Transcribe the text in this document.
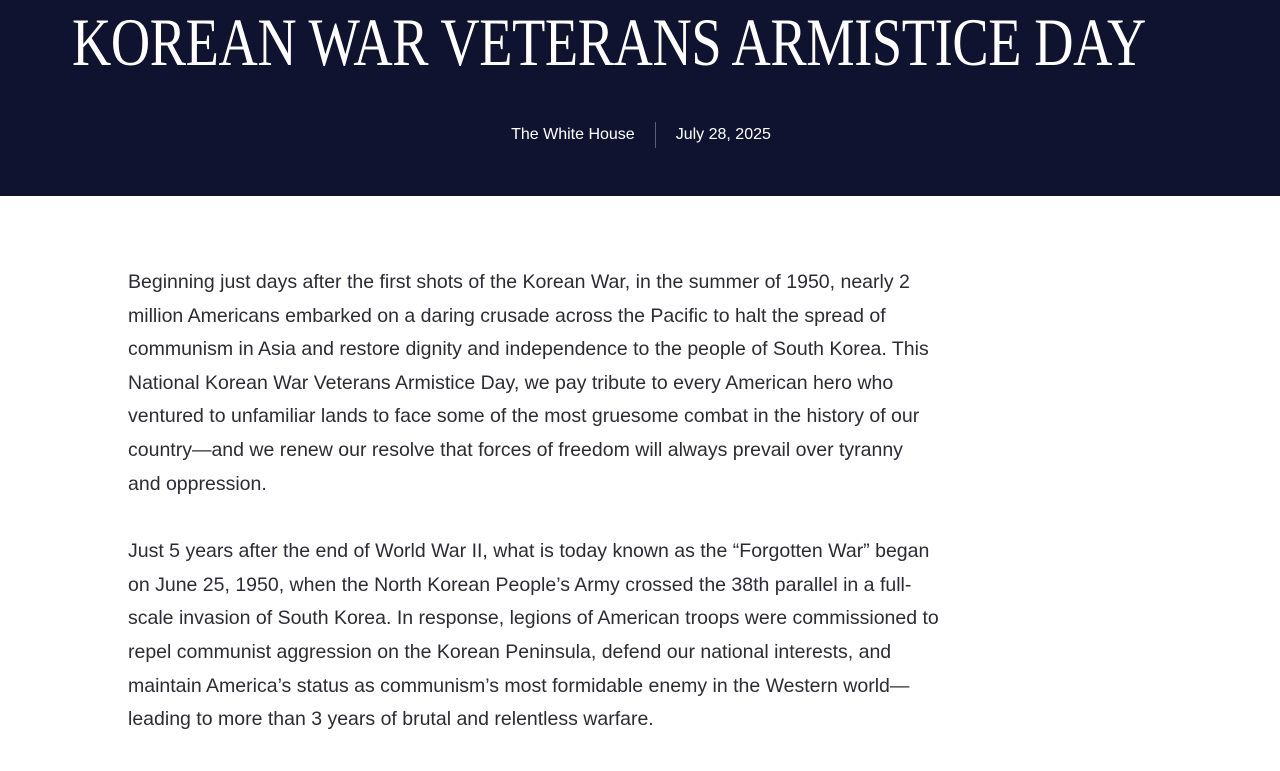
KOREAN WAR VETERANS ARMISTICE DAY
The White House	July 28, 2025

Beginning just days after the first shots of the Korean War, in the summer of 1950, nearly 2
million Americans embarked on a daring crusade across the Pacific to halt the spread of
communism in Asia and restore dignity and independence to the people of South Korea. This
National Korean War Veterans Armistice Day, we pay tribute to every American hero who
ventured to unfamiliar lands to face some of the most gruesome combat in the history of our
country—and we renew our resolve that forces of freedom will always prevail over tyranny
and oppression.

Just 5 years after the end of World War II, what is today known as the “Forgotten War” began
on June 25, 1950, when the North Korean People’s Army crossed the 38th parallel in a full-
scale invasion of South Korea. In response, legions of American troops were commissioned to
repel communist aggression on the Korean Peninsula, defend our national interests, and
maintain America’s status as communism’s most formidable enemy in the Western world—
leading to more than 3 years of brutal and relentless warfare.
